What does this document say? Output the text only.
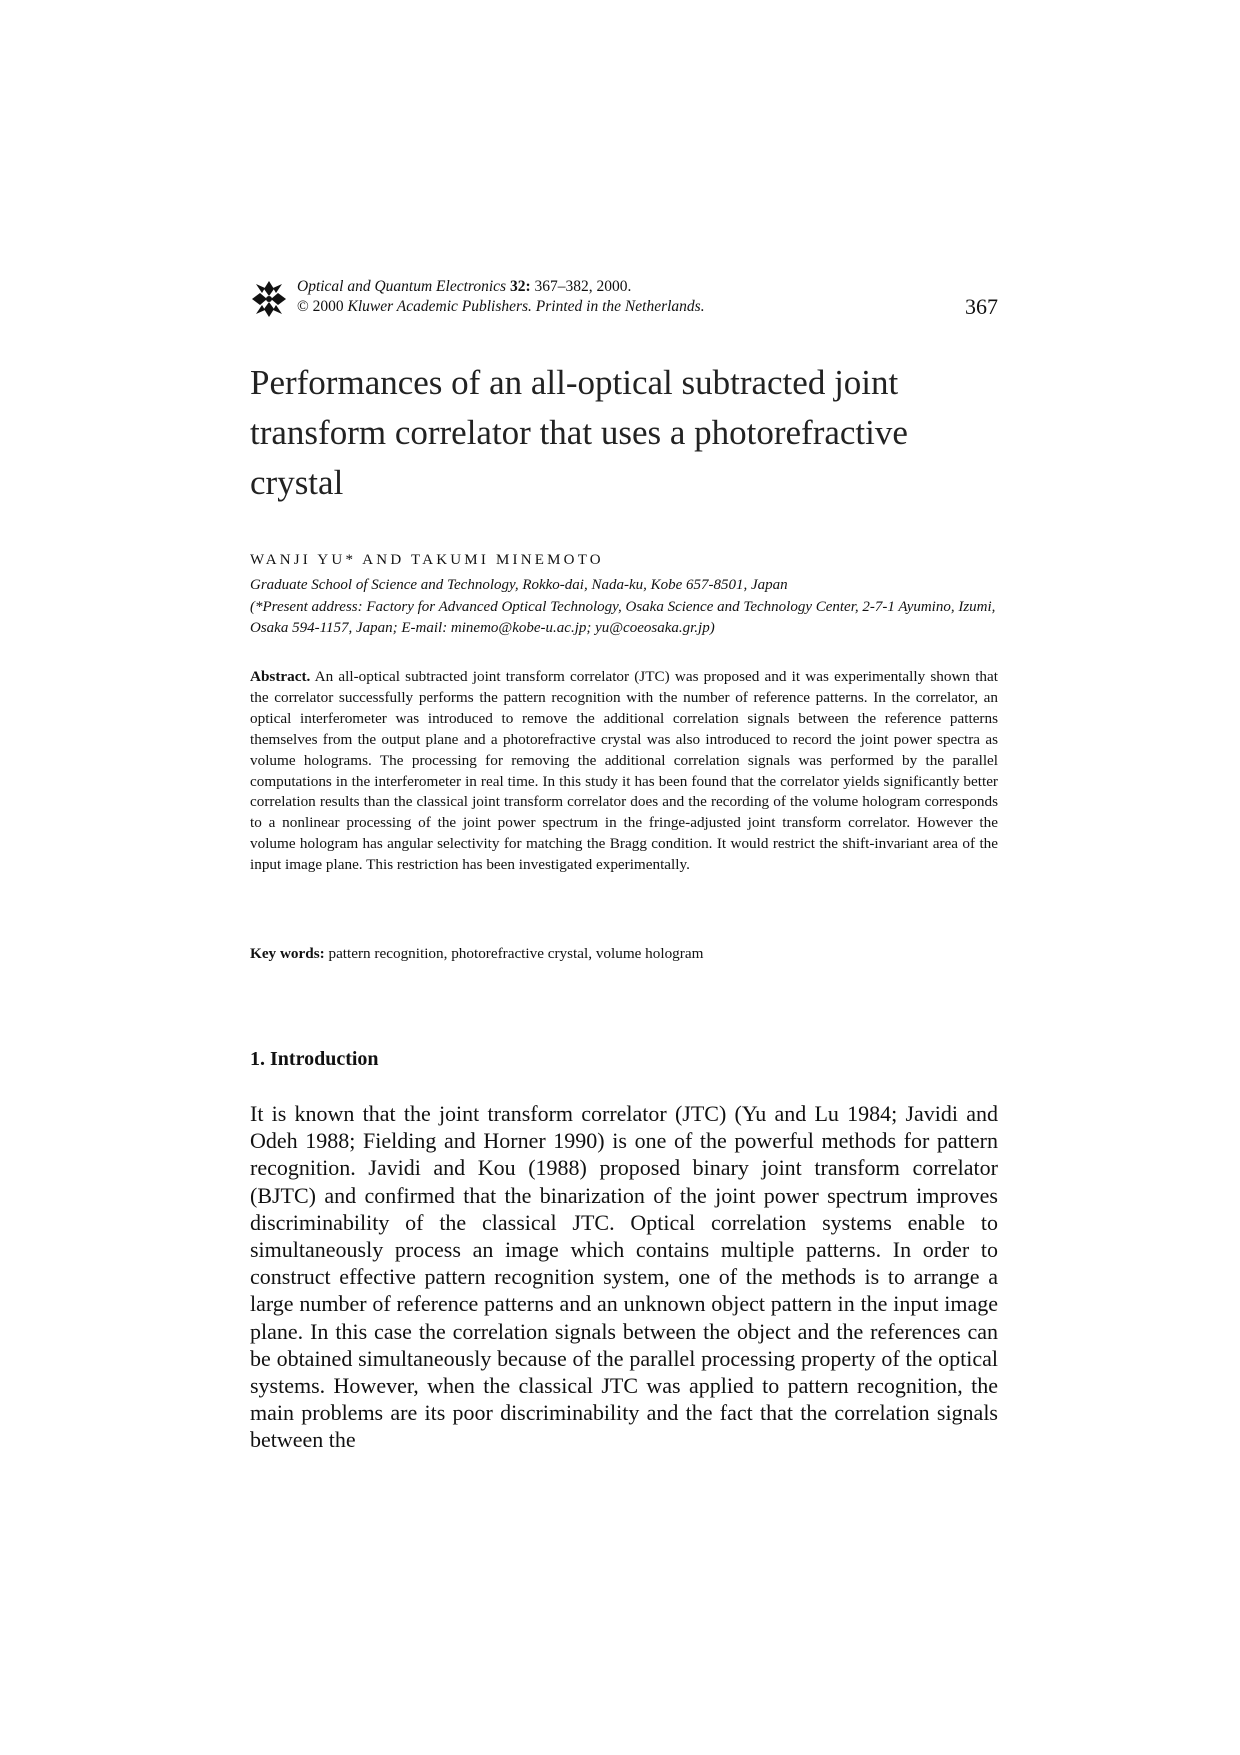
Optical and Quantum Electronics 32: 367–382, 2000.
© 2000 Kluwer Academic Publishers. Printed in the Netherlands.	367
Performances of an all-optical subtracted joint transform correlator that uses a photorefractive crystal
WANJI YU* AND TAKUMI MINEMOTO
Graduate School of Science and Technology, Rokko-dai, Nada-ku, Kobe 657-8501, Japan
(*Present address: Factory for Advanced Optical Technology, Osaka Science and Technology Center, 2-7-1 Ayumino, Izumi, Osaka 594-1157, Japan; E-mail: minemo@kobe-u.ac.jp; yu@coeosaka.gr.jp)
Abstract. An all-optical subtracted joint transform correlator (JTC) was proposed and it was experimentally shown that the correlator successfully performs the pattern recognition with the number of reference patterns. In the correlator, an optical interferometer was introduced to remove the additional correlation signals between the reference patterns themselves from the output plane and a photorefractive crystal was also introduced to record the joint power spectra as volume holograms. The processing for removing the additional correlation signals was performed by the parallel computations in the interferometer in real time. In this study it has been found that the correlator yields significantly better correlation results than the classical joint transform correlator does and the recording of the volume hologram corresponds to a nonlinear processing of the joint power spectrum in the fringe-adjusted joint transform correlator. However the volume hologram has angular selectivity for matching the Bragg condition. It would restrict the shift-invariant area of the input image plane. This restriction has been investigated experimentally.
Key words: pattern recognition, photorefractive crystal, volume hologram
1. Introduction
It is known that the joint transform correlator (JTC) (Yu and Lu 1984; Javidi and Odeh 1988; Fielding and Horner 1990) is one of the powerful methods for pattern recognition. Javidi and Kou (1988) proposed binary joint transform correlator (BJTC) and confirmed that the binarization of the joint power spectrum improves discriminability of the classical JTC. Optical correlation systems enable to simultaneously process an image which contains multiple patterns. In order to construct effective pattern recognition system, one of the methods is to arrange a large number of reference patterns and an unknown object pattern in the input image plane. In this case the correlation signals between the object and the references can be obtained simultaneously because of the parallel processing property of the optical systems. However, when the classical JTC was applied to pattern recognition, the main problems are its poor discriminability and the fact that the correlation signals between the
